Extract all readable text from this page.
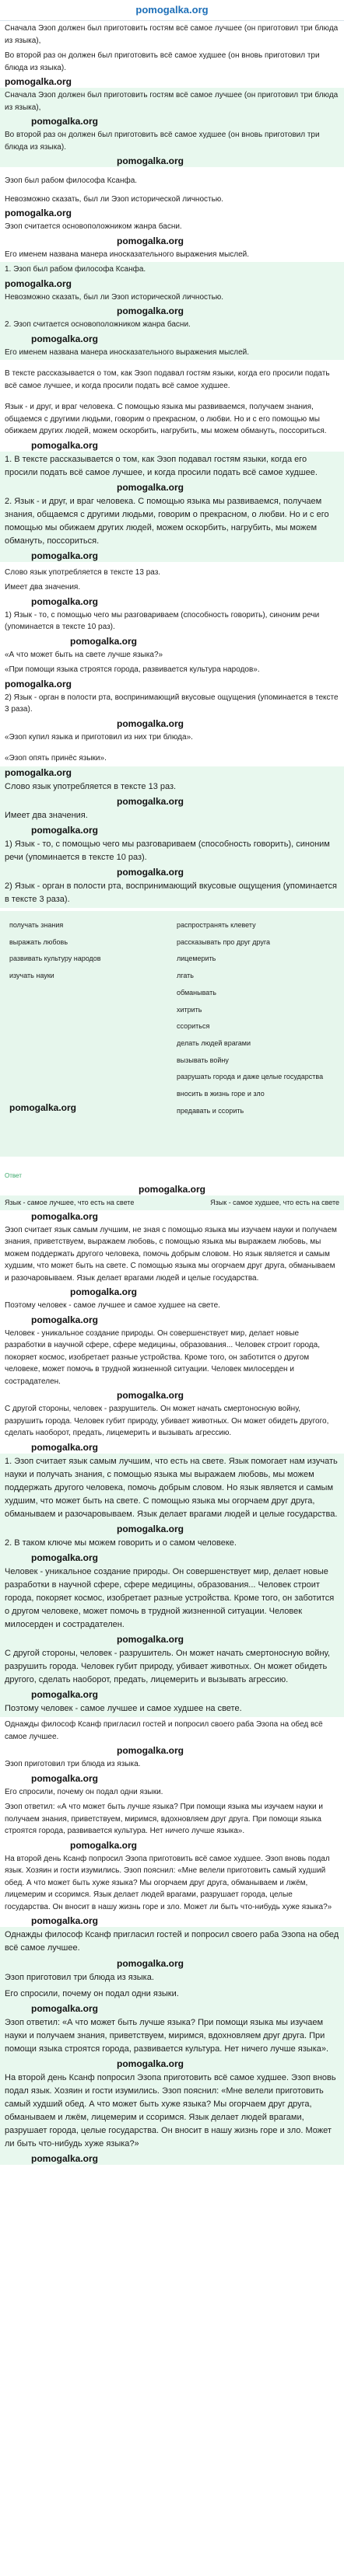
pomogalka.org

Сначала Эзоп должен был приготовить гостям всё самое лучшее (он приготовил три блюда из языка),

Во второй раз он должен был приготовить всё самое худшее (он вновь приготовил три блюда из языка).

pomogalka.org

Сначала Эзоп должен был приготовить гостям всё самое лучшее (он приготовил три блюда из языка),

pomogalka.org

Во второй раз он должен был приготовить всё самое худшее (он вновь приготовил три блюда из языка).

pomogalka.org

Эзоп был рабом философа Ксанфа.

Невозможно сказать, был ли Эзоп исторической личностью.

pomogalka.org

Эзоп считается основоположником жанра басни.

pomogalka.org

Его именем названа манера иносказательного выражения мыслей.

1. Эзоп был рабом философа Ксанфа.

pomogalka.org

Невозможно сказать, был ли Эзоп исторической личностью.

pomogalka.org

2. Эзоп считается основоположником жанра басни.

pomogalka.org

Его именем названа манера иносказательного выражения мыслей.

В тексте рассказывается о том, как Эзоп подавал гостям языки, когда его просили подать всё самое лучшее, и когда просили подать всё самое худшее.

Язык - и друг, и враг человека. С помощью языка мы развиваемся, получаем знания, общаемся с другими людьми, говорим о прекрасном, о любви. Но и с его помощью мы обижаем других людей, можем оскорбить, нагрубить, мы можем обмануть, поссориться.

pomogalka.org

1. В тексте рассказывается о том, как Эзоп подавал гостям языки, когда его просили подать всё самое лучшее, и когда просили подать всё самое худшее.

pomogalka.org

2. Язык - и друг, и враг человека. С помощью языка мы развиваемся, получаем знания, общаемся с другими людьми, говорим о прекрасном, о любви. Но и с его помощью мы обижаем других людей, можем оскорбить, нагрубить, мы можем обмануть, поссориться.

pomogalka.org

Слово язык употребляется в тексте 13 раз.

Имеет два значения.

pomogalka.org

1) Язык - то, с помощью чего мы разговариваем (способность говорить), синоним речи (упоминается в тексте 10 раз).

pomogalka.org

«А что может быть на свете лучше языка?»

«При помощи языка строятся города, развивается культура народов».

pomogalka.org

2) Язык - орган в полости рта, воспринимающий вкусовые ощущения (упоминается в тексте 3 раза).

pomogalka.org

«Эзоп купил языка и приготовил из них три блюда».

«Эзоп опять принёс языки».

pomogalka.org

Слово язык употребляется в тексте 13 раз.

pomogalka.org

Имеет два значения.

pomogalka.org

1) Язык - то, с помощью чего мы разговариваем (способность говорить), синоним речи (упоминается в тексте 10 раз).

pomogalka.org

2) Язык - орган в полости рта, воспринимающий вкусовые ощущения (упоминается в тексте 3 раза).

получать знания
выражать любовь
развивать культуру народов
изучать науки
pomogalka.org
распространять клевету
рассказывать про друг друга
лицемерить
лгать
обманывать
хитрить
ссориться
делать людей врагами
вызывать войну
разрушать города и даже целые государства
вносить в жизнь горе и зло
предавать и ссорить
Ответ
pomogalka.org
Язык - самое лучшее, что есть на свете	Язык - самое худшее, что есть на свете
pomogalka.org

Эзоп считает язык самым лучшим, не зная с помощью языка мы изучаем науки и получаем знания, приветствуем, выражаем любовь, с помощью языка мы выражаем любовь, мы можем поддержать другого человека, помочь добрым словом. Но язык является и самым худшим, что может быть на свете. С помощью языка мы огорчаем друг друга, обманываем и разочаровываем. Язык делает врагами людей и целые государства.

pomogalka.org

Поэтому человек - самое лучшее и самое худшее на свете.

pomogalka.org

Человек - уникальное создание природы. Он совершенствует мир, делает новые разработки в научной сфере, сфере медицины, образования... Человек строит города, покоряет космос, изобретает разные устройства. Кроме того, он заботится о другом человеке, может помочь в трудной жизненной ситуации. Человек милосерден и сострадателен.

pomogalka.org

С другой стороны, человек - разрушитель. Он может начать смертоносную войну, разрушить города. Человек губит природу, убивает животных. Он может обидеть другого, сделать наоборот, предать, лицемерить и вызывать агрессию.

pomogalka.org

1. Эзоп считает язык самым лучшим, что есть на свете. Язык помогает нам изучать науки и получать знания, с помощью языка мы выражаем любовь, мы можем поддержать другого человека, помочь добрым словом. Но язык является и самым худшим, что может быть на свете. С помощью языка мы огорчаем друг друга, обманываем и разочаровываем. Язык делает врагами людей и целые государства.

pomogalka.org

2. В таком ключе мы можем говорить и о самом человеке.

pomogalka.org

Человек - уникальное создание природы. Он совершенствует мир, делает новые разработки в научной сфере, сфере медицины, образования... Человек строит города, покоряет космос, изобретает разные устройства. Кроме того, он заботится о другом человеке, может помочь в трудной жизненной ситуации. Человек милосерден и сострадателен.

pomogalka.org

С другой стороны, человек - разрушитель. Он может начать смертоносную войну, разрушить города. Человек губит природу, убивает животных. Он может обидеть другого, сделать наоборот, предать, лицемерить и вызывать агрессию.

pomogalka.org

Поэтому человек - самое лучшее и самое худшее на свете.

Однажды философ Ксанф пригласил гостей и попросил своего раба Эзопа на обед всё самое лучшее.

pomogalka.org

Эзоп приготовил три блюда из языка.

pomogalka.org

Его спросили, почему он подал одни языки.

Эзоп ответил: «А что может быть лучше языка? При помощи языка мы изучаем науки и получаем знания, приветствуем, миримся, вдохновляем друг друга. При помощи языка строятся города, развивается культура. Нет ничего лучше языка».

pomogalka.org

На второй день Ксанф попросил Эзопа приготовить всё самое худшее. Эзоп вновь подал язык. Хозяин и гости изумились. Эзоп пояснил: «Мне велели приготовить самый худший обед. А что может быть хуже языка? Мы огорчаем друг друга, обманываем и лжём, лицемерим и ссоримся. Язык делает людей врагами, разрушает города, целые государства. Он вносит в нашу жизнь горе и зло. Может ли быть что-нибудь хуже языка?»

pomogalka.org

Однажды философ Ксанф пригласил гостей и попросил своего раба Эзопа на обед всё самое лучшее.

pomogalka.org

Эзоп приготовил три блюда из языка.

Его спросили, почему он подал одни языки.

pomogalka.org

Эзоп ответил: «А что может быть лучше языка? При помощи языка мы изучаем науки и получаем знания, приветствуем, миримся, вдохновляем друг друга. При помощи языка строятся города, развивается культура. Нет ничего лучше языка».

pomogalka.org

На второй день Ксанф попросил Эзопа приготовить всё самое худшее. Эзоп вновь подал язык. Хозяин и гости изумились. Эзоп пояснил: «Мне велели приготовить самый худший обед. А что может быть хуже языка? Мы огорчаем друг друга, обманываем и лжём, лицемерим и ссоримся. Язык делает людей врагами, разрушает города, целые государства. Он вносит в нашу жизнь горе и зло. Может ли быть что-нибудь хуже языка?»

pomogalka.org
